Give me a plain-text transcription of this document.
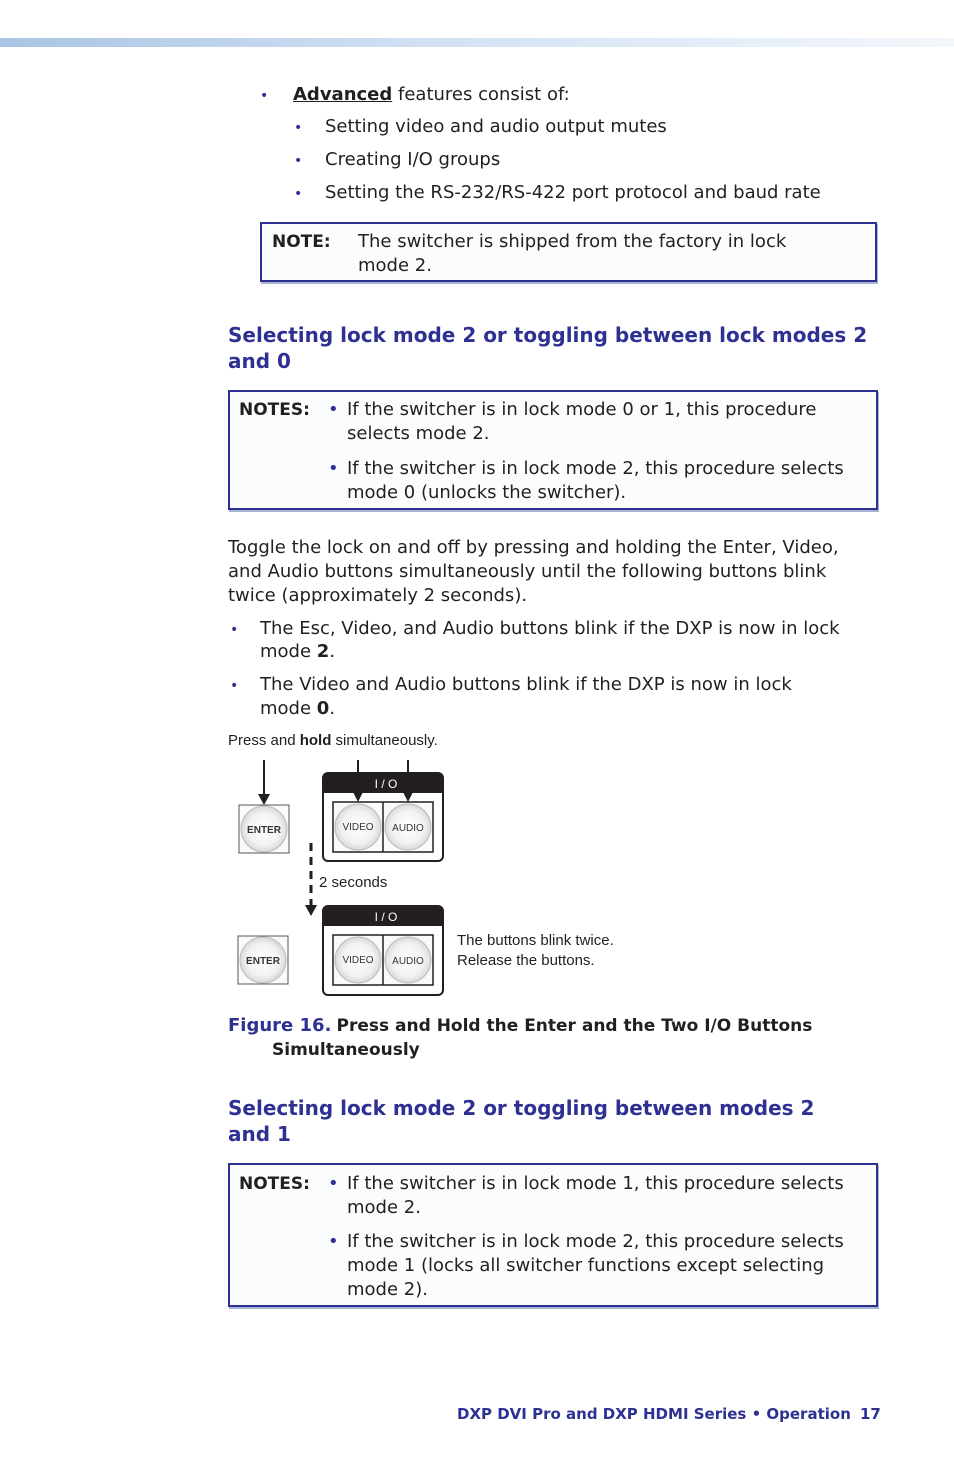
• Advanced features consist of:
• Setting video and audio output mutes
• Creating I/O groups
• Setting the RS-232/RS-422 port protocol and baud rate
NOTE: The switcher is shipped from the factory in lock
mode 2.
Selecting lock mode 2 or toggling between lock modes 2
and 0
NOTES: • If the switcher is in lock mode 0 or 1, this procedure
selects mode 2.
• If the switcher is in lock mode 2, this procedure selects
mode 0 (unlocks the switcher).
Toggle the lock on and off by pressing and holding the Enter, Video,
and Audio buttons simultaneously until the following buttons blink
twice (approximately 2 seconds).
• The Esc, Video, and Audio buttons blink if the DXP is now in lock
mode 2.
• The Video and Audio buttons blink if the DXP is now in lock
mode 0.
Press and hold simultaneously.
ENTER
I / O
VIDEO AUDIO
2 seconds
ENTER
I / O
VIDEO AUDIO
The buttons blink twice.
Release the buttons.
Figure 16. Press and Hold the Enter and the Two I/O Buttons
Simultaneously
Selecting lock mode 2 or toggling between modes 2
and 1
NOTES: • If the switcher is in lock mode 1, this procedure selects
mode 2.
• If the switcher is in lock mode 2, this procedure selects
mode 1 (locks all switcher functions except selecting
mode 2).
DXP DVI Pro and DXP HDMI Series • Operation 17
